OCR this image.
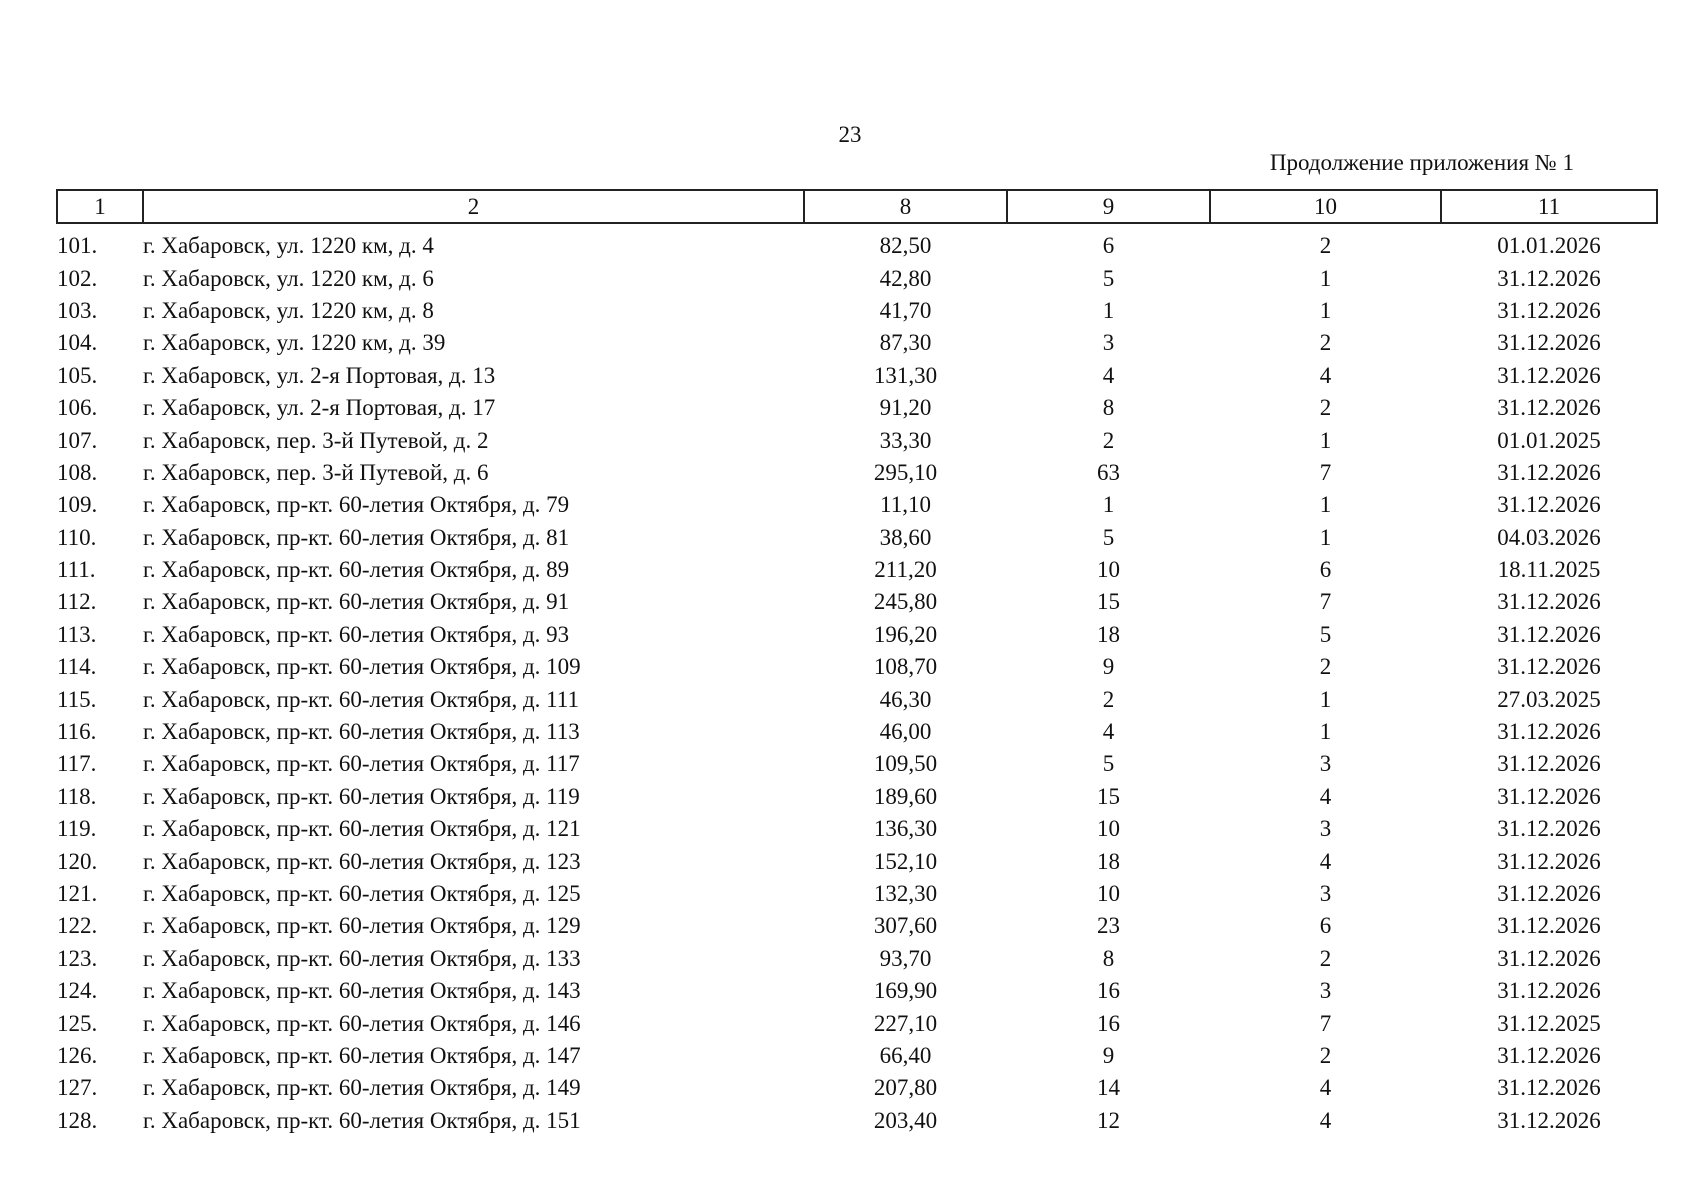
23
Продолжение приложения № 1
1	2	8	9	10	11
101.	г. Хабаровск, ул. 1220 км, д. 4	82,50	6	2	01.01.2026
102.	г. Хабаровск, ул. 1220 км, д. 6	42,80	5	1	31.12.2026
103.	г. Хабаровск, ул. 1220 км, д. 8	41,70	1	1	31.12.2026
104.	г. Хабаровск, ул. 1220 км, д. 39	87,30	3	2	31.12.2026
105.	г. Хабаровск, ул. 2-я Портовая, д. 13	131,30	4	4	31.12.2026
106.	г. Хабаровск, ул. 2-я Портовая, д. 17	91,20	8	2	31.12.2026
107.	г. Хабаровск, пер. 3-й Путевой, д. 2	33,30	2	1	01.01.2025
108.	г. Хабаровск, пер. 3-й Путевой, д. 6	295,10	63	7	31.12.2026
109.	г. Хабаровск, пр-кт. 60-летия Октября, д. 79	11,10	1	1	31.12.2026
110.	г. Хабаровск, пр-кт. 60-летия Октября, д. 81	38,60	5	1	04.03.2026
111.	г. Хабаровск, пр-кт. 60-летия Октября, д. 89	211,20	10	6	18.11.2025
112.	г. Хабаровск, пр-кт. 60-летия Октября, д. 91	245,80	15	7	31.12.2026
113.	г. Хабаровск, пр-кт. 60-летия Октября, д. 93	196,20	18	5	31.12.2026
114.	г. Хабаровск, пр-кт. 60-летия Октября, д. 109	108,70	9	2	31.12.2026
115.	г. Хабаровск, пр-кт. 60-летия Октября, д. 111	46,30	2	1	27.03.2025
116.	г. Хабаровск, пр-кт. 60-летия Октября, д. 113	46,00	4	1	31.12.2026
117.	г. Хабаровск, пр-кт. 60-летия Октября, д. 117	109,50	5	3	31.12.2026
118.	г. Хабаровск, пр-кт. 60-летия Октября, д. 119	189,60	15	4	31.12.2026
119.	г. Хабаровск, пр-кт. 60-летия Октября, д. 121	136,30	10	3	31.12.2026
120.	г. Хабаровск, пр-кт. 60-летия Октября, д. 123	152,10	18	4	31.12.2026
121.	г. Хабаровск, пр-кт. 60-летия Октября, д. 125	132,30	10	3	31.12.2026
122.	г. Хабаровск, пр-кт. 60-летия Октября, д. 129	307,60	23	6	31.12.2026
123.	г. Хабаровск, пр-кт. 60-летия Октября, д. 133	93,70	8	2	31.12.2026
124.	г. Хабаровск, пр-кт. 60-летия Октября, д. 143	169,90	16	3	31.12.2026
125.	г. Хабаровск, пр-кт. 60-летия Октября, д. 146	227,10	16	7	31.12.2025
126.	г. Хабаровск, пр-кт. 60-летия Октября, д. 147	66,40	9	2	31.12.2026
127.	г. Хабаровск, пр-кт. 60-летия Октября, д. 149	207,80	14	4	31.12.2026
128.	г. Хабаровск, пр-кт. 60-летия Октября, д. 151	203,40	12	4	31.12.2026
